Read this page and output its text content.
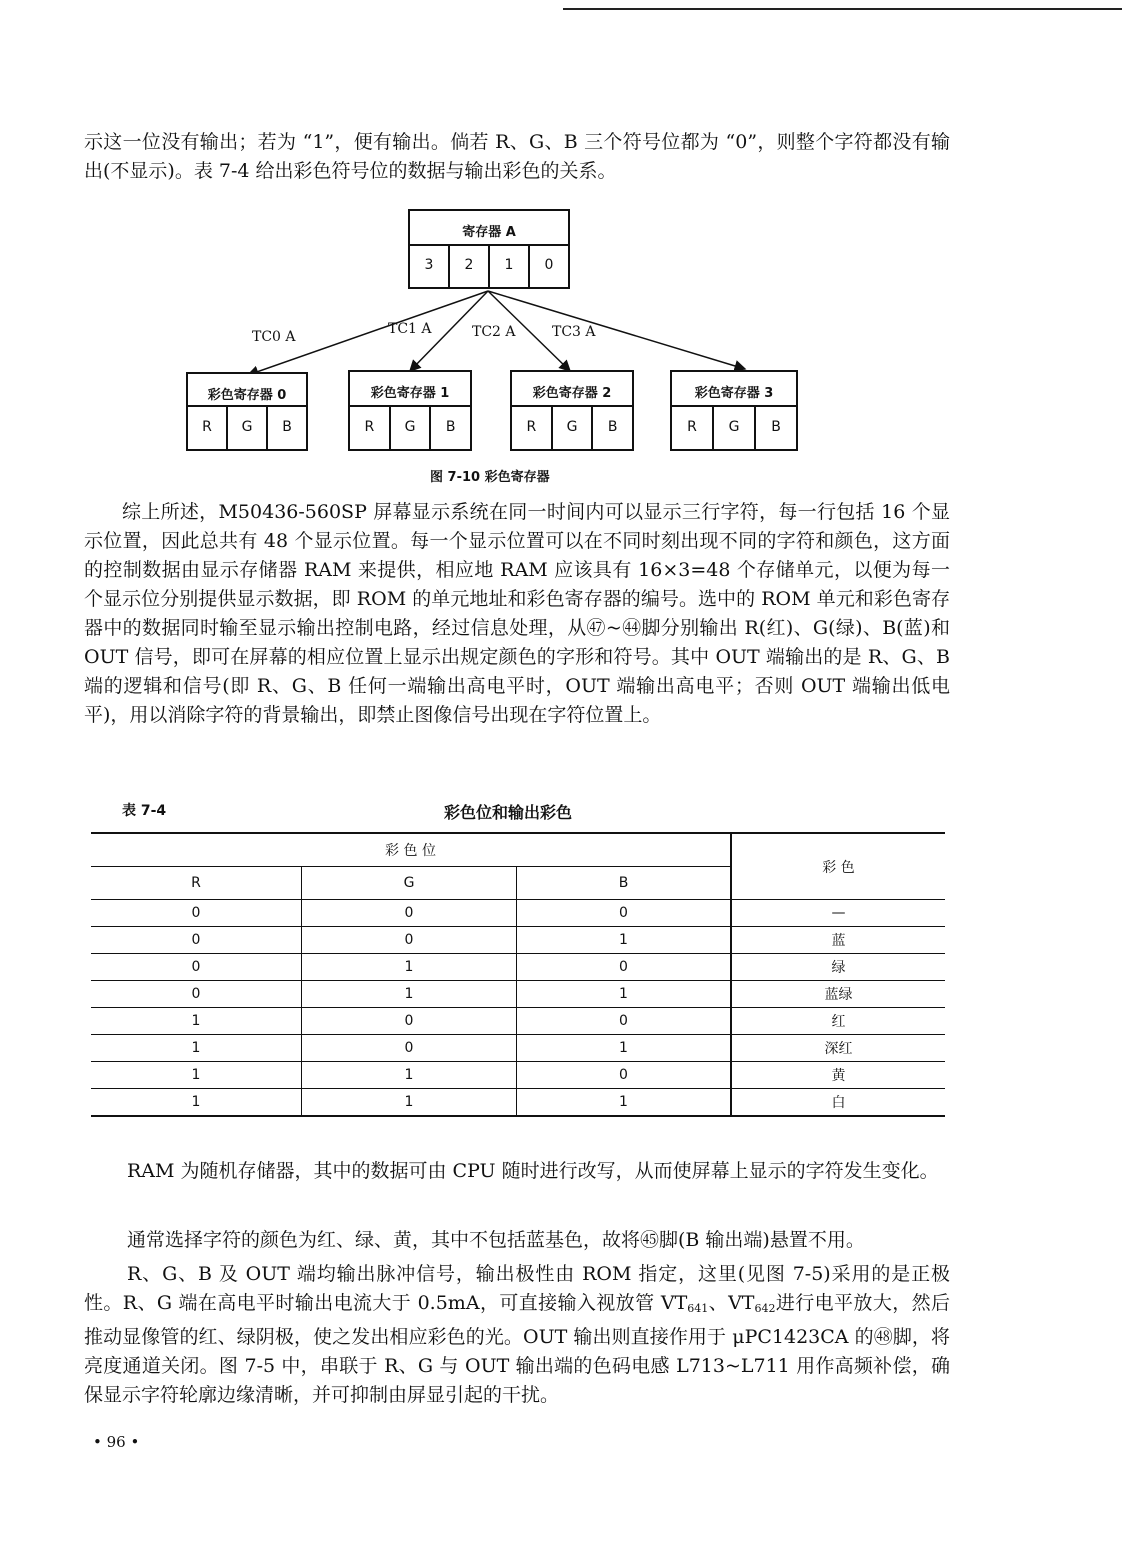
示这一位没有输出；若为 “1”，便有输出。倘若 R、G、B 三个符号位都为 “0”，则整个字符都没有输出(不显示)。表 7-4 给出彩色符号位的数据与输出彩色的关系。

寄存器 A
3	2	1	0
TC0 A	TC1 A	TC2 A	TC3 A
彩色寄存器 0
R	G	B
彩色寄存器 1
R	G	B
彩色寄存器 2
R	G	B
彩色寄存器 3
R	G	B
图 7-10 彩色寄存器

综上所述，M50436-560SP 屏幕显示系统在同一时间内可以显示三行字符，每一行包括 16 个显示位置，因此总共有 48 个显示位置。每一个显示位置可以在不同时刻出现不同的字符和颜色，这方面的控制数据由显示存储器 RAM 来提供，相应地 RAM 应该具有 16×3=48 个存储单元，以便为每一个显示位分别提供显示数据，即 ROM 的单元地址和彩色寄存器的编号。选中的 ROM 单元和彩色寄存器中的数据同时输至显示输出控制电路，经过信息处理，从㊼~㊹脚分别输出 R(红)、G(绿)、B(蓝)和 OUT 信号，即可在屏幕的相应位置上显示出规定颜色的字形和符号。其中 OUT 端输出的是 R、G、B 端的逻辑和信号(即 R、G、B 任何一端输出高电平时，OUT 端输出高电平；否则 OUT 端输出低电平)，用以消除字符的背景输出，即禁止图像信号出现在字符位置上。

表 7-4	彩色位和输出彩色
彩 色 位			彩 色
R	G	B	
0	0	0	—
0	0	1	蓝
0	1	0	绿
0	1	1	蓝绿
1	0	0	红
1	0	1	深红
1	1	0	黄
1	1	1	白

RAM 为随机存储器，其中的数据可由 CPU 随时进行改写，从而使屏幕上显示的字符发生变化。

通常选择字符的颜色为红、绿、黄，其中不包括蓝基色，故将㊺脚(B 输出端)悬置不用。

R、G、B 及 OUT 端均输出脉冲信号，输出极性由 ROM 指定，这里(见图 7-5)采用的是正极性。R、G 端在高电平时输出电流大于 0.5mA，可直接输入视放管 $VT_{641}$、$VT_{642}$进行电平放大，然后推动显像管的红、绿阴极，使之发出相应彩色的光。OUT 输出则直接作用于 μPC1423CA 的㊽脚，将亮度通道关闭。图 7-5 中，串联于 R、G 与 OUT 输出端的色码电感 L713~L711 用作高频补偿，确保显示字符轮廓边缘清晰，并可抑制由屏显引起的干扰。

• 96 •
